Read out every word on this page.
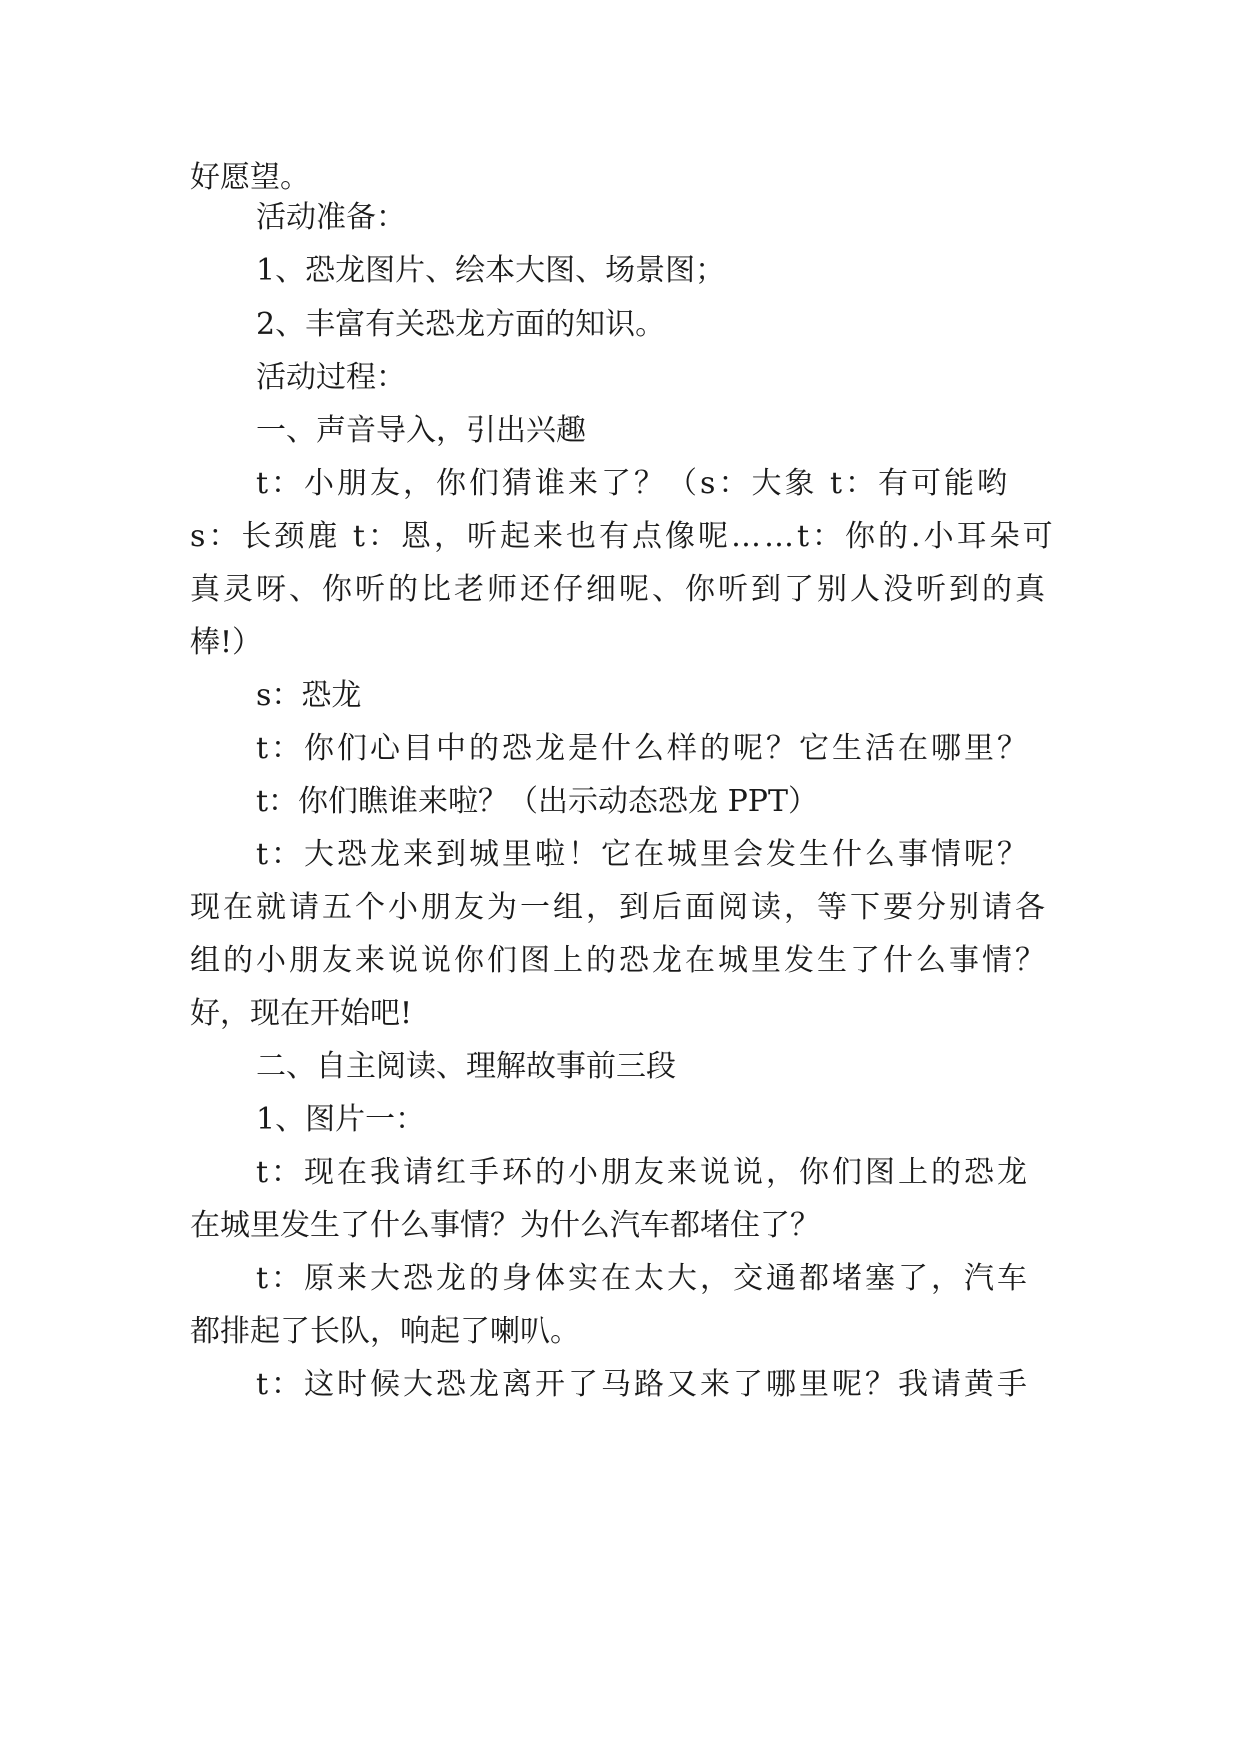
好愿望。
活动准备：
1、恐龙图片、绘本大图、场景图；
2、丰富有关恐龙方面的知识。
活动过程：
一、声音导入，引出兴趣
t：小朋友，你们猜谁来了？（s：大象 t：有可能哟
s：长颈鹿 t：恩，听起来也有点像呢……t：你的.小耳朵可
真灵呀、你听的比老师还仔细呢、你听到了别人没听到的真
棒!）
s：恐龙
t：你们心目中的恐龙是什么样的呢？它生活在哪里？
t：你们瞧谁来啦？（出示动态恐龙 PPT）
t：大恐龙来到城里啦！它在城里会发生什么事情呢？
现在就请五个小朋友为一组，到后面阅读，等下要分别请各
组的小朋友来说说你们图上的恐龙在城里发生了什么事情？
好，现在开始吧!
二、自主阅读、理解故事前三段
1、图片一：
t：现在我请红手环的小朋友来说说，你们图上的恐龙
在城里发生了什么事情？为什么汽车都堵住了？
t：原来大恐龙的身体实在太大，交通都堵塞了，汽车
都排起了长队，响起了喇叭。
t：这时候大恐龙离开了马路又来了哪里呢？我请黄手
